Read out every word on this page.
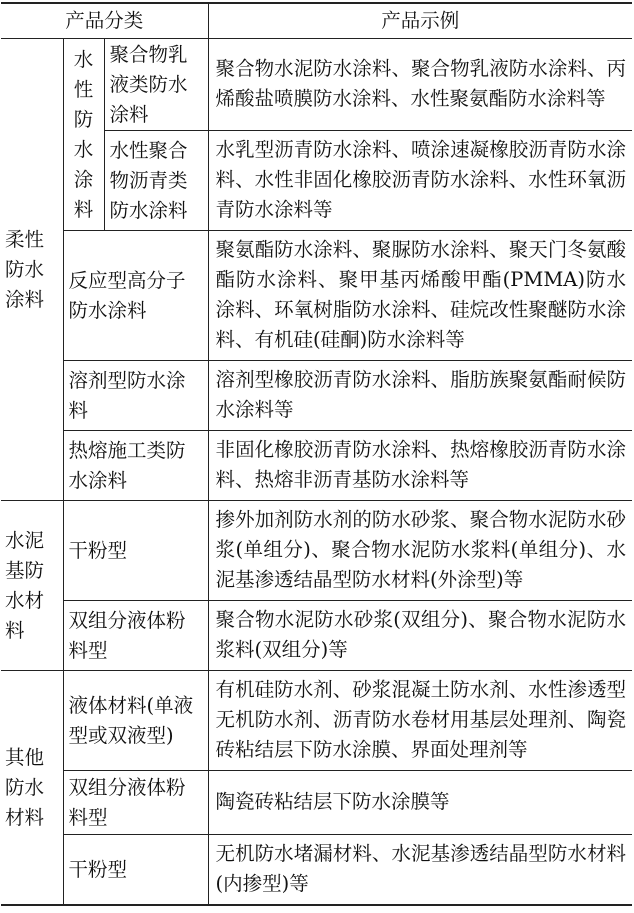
产品分类			产品示例
柔性防水涂料	水性防水涂料	聚合物乳液类防水涂料	聚合物水泥防水涂料、聚合物乳液防水涂料、丙烯酸盐喷膜防水涂料、水性聚氨酯防水涂料等
		水性聚合物沥青类防水涂料	水乳型沥青防水涂料、喷涂速凝橡胶沥青防水涂料、水性非固化橡胶沥青防水涂料、水性环氧沥青防水涂料等
	反应型高分子防水涂料		聚氨酯防水涂料、聚脲防水涂料、聚天门冬氨酸酯防水涂料、聚甲基丙烯酸甲酯(PMMA)防水涂料、环氧树脂防水涂料、硅烷改性聚醚防水涂料、有机硅(硅酮)防水涂料等
	溶剂型防水涂料		溶剂型橡胶沥青防水涂料、脂肪族聚氨酯耐候防水涂料等
	热熔施工类防水涂料		非固化橡胶沥青防水涂料、热熔橡胶沥青防水涂料、热熔非沥青基防水涂料等
水泥基防水材料	干粉型		掺外加剂防水剂的防水砂浆、聚合物水泥防水砂浆(单组分)、聚合物水泥防水浆料(单组分)、水泥基渗透结晶型防水材料(外涂型)等
	双组分液体粉料型		聚合物水泥防水砂浆(双组分)、聚合物水泥防水浆料(双组分)等
其他防水材料	液体材料(单液型或双液型)		有机硅防水剂、砂浆混凝土防水剂、水性渗透型无机防水剂、沥青防水卷材用基层处理剂、陶瓷砖粘结层下防水涂膜、界面处理剂等
	双组分液体粉料型		陶瓷砖粘结层下防水涂膜等
	干粉型		无机防水堵漏材料、水泥基渗透结晶型防水材料(内掺型)等
